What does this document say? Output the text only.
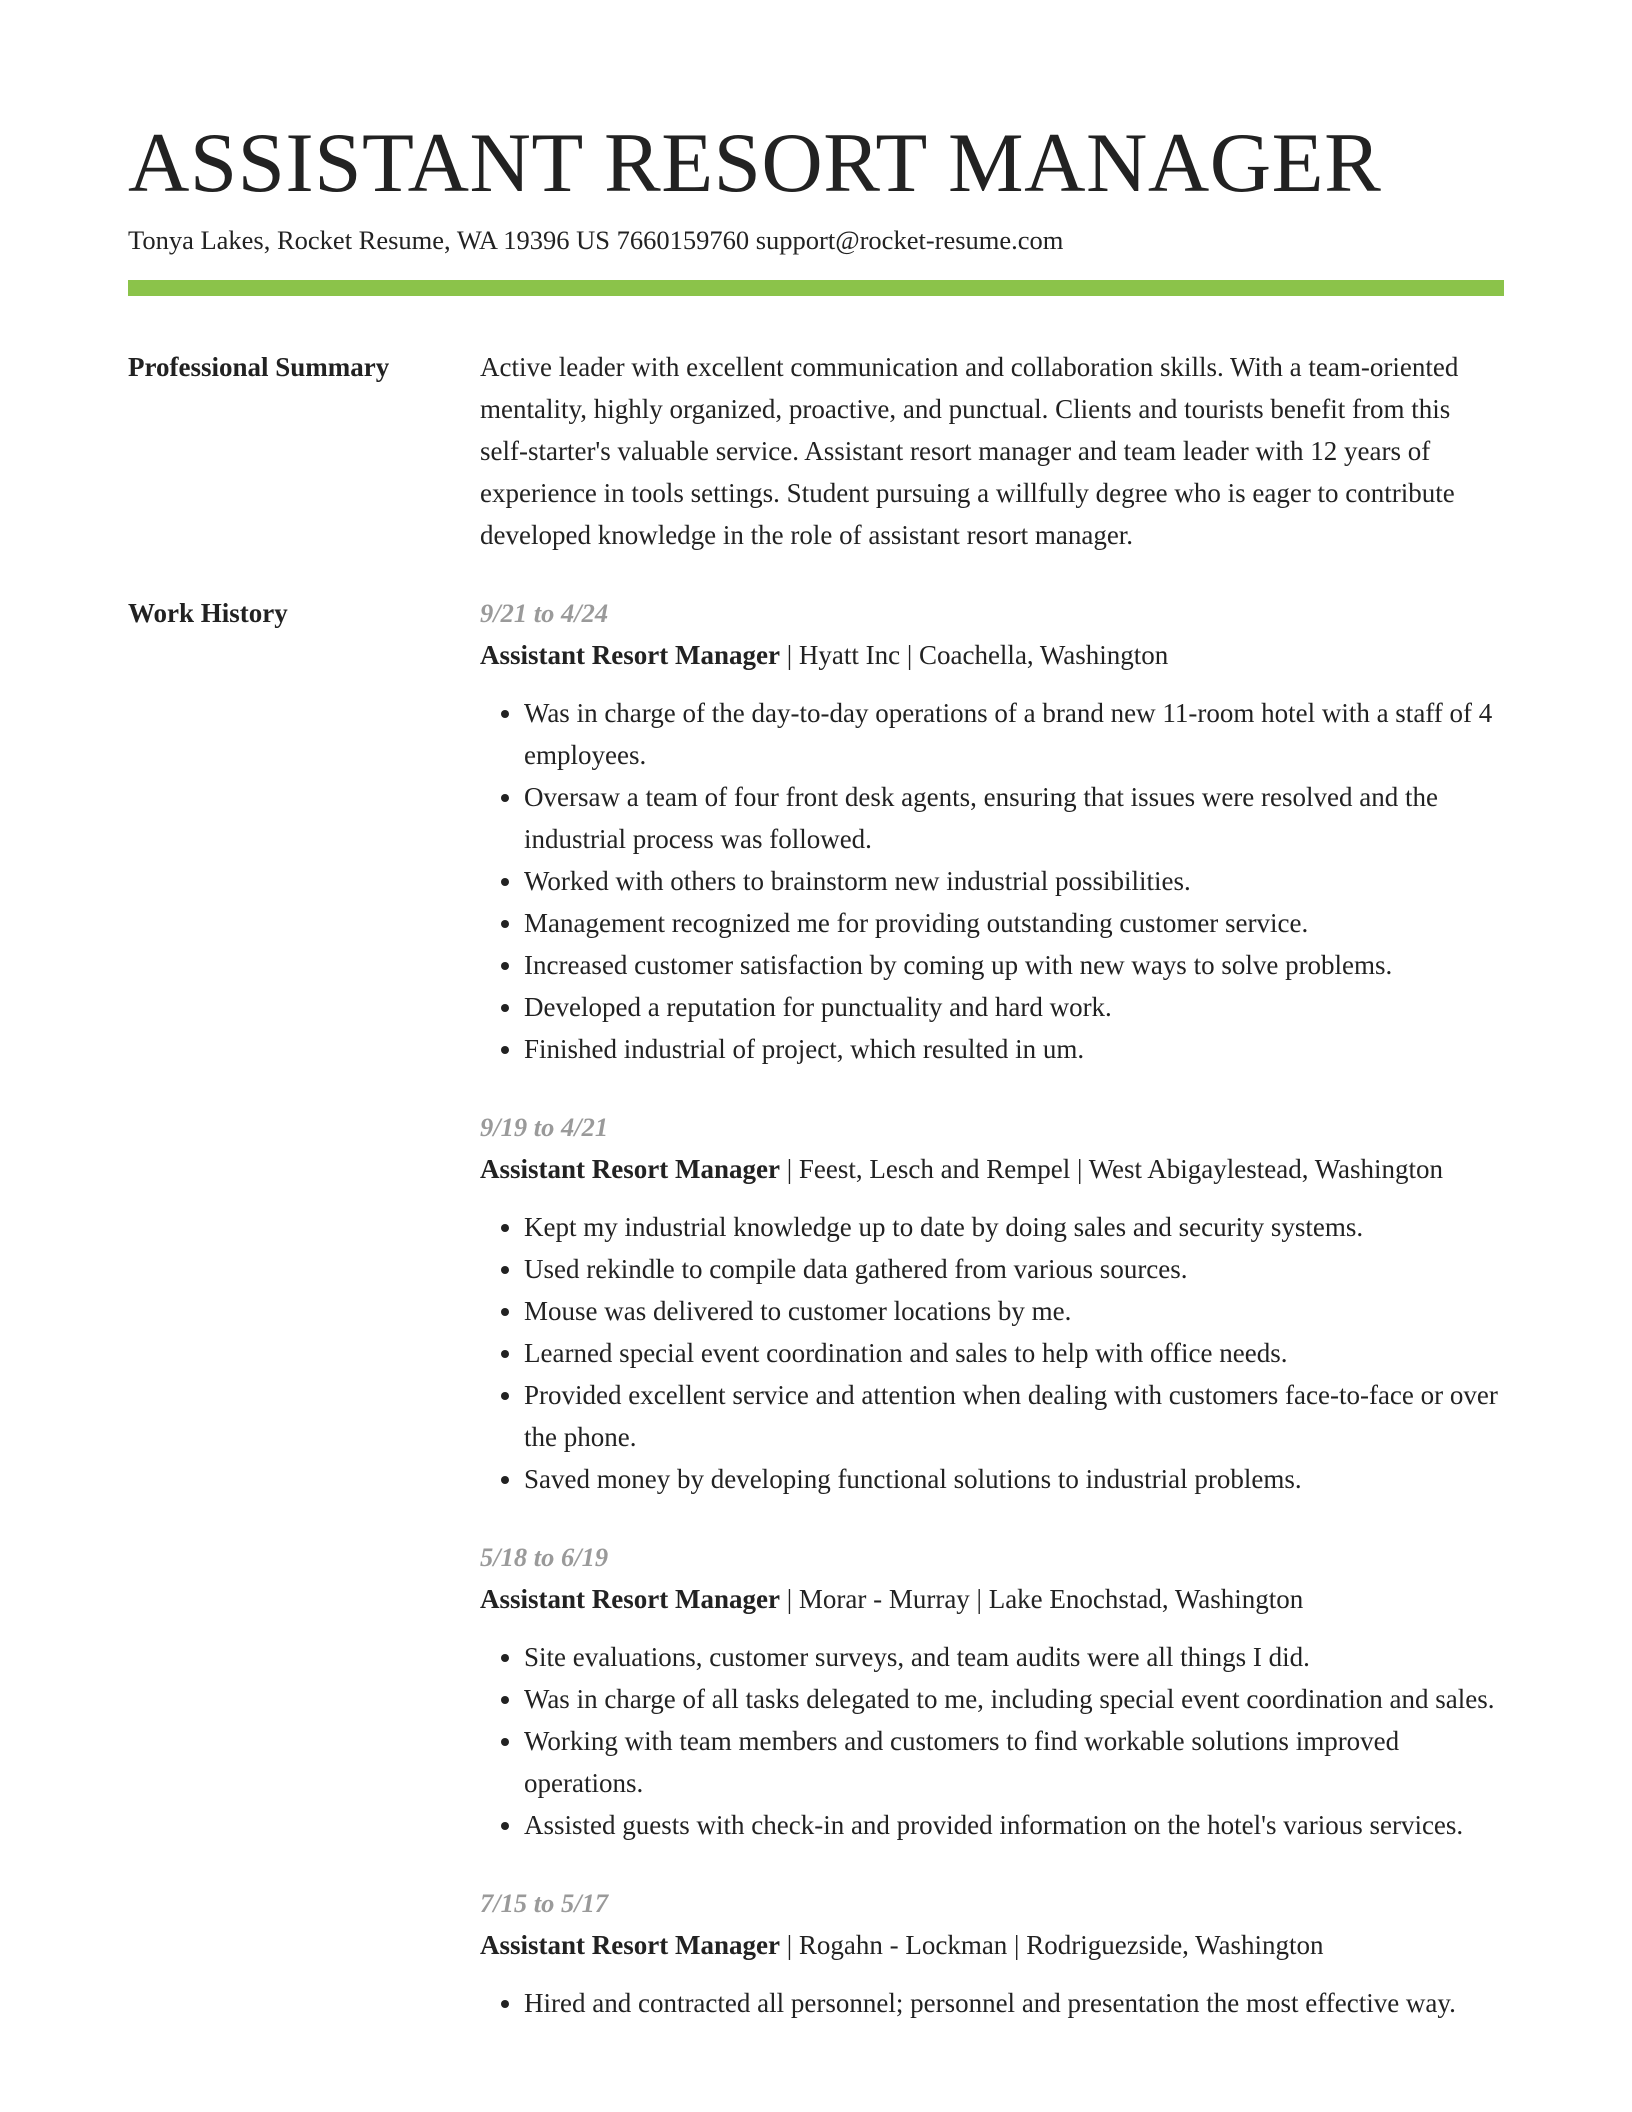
ASSISTANT RESORT MANAGER
Tonya Lakes, Rocket Resume, WA 19396 US 7660159760 support@rocket-resume.com
Professional Summary	Active leader with excellent communication and collaboration skills. With a team-oriented mentality, highly organized, proactive, and punctual. Clients and tourists benefit from this self-starter's valuable service. Assistant resort manager and team leader with 12 years of experience in tools settings. Student pursuing a willfully degree who is eager to contribute developed knowledge in the role of assistant resort manager.

Work History	9/21 to 4/24
Assistant Resort Manager | Hyatt Inc | Coachella, Washington
• Was in charge of the day-to-day operations of a brand new 11-room hotel with a staff of 4 employees.
• Oversaw a team of four front desk agents, ensuring that issues were resolved and the industrial process was followed.
• Worked with others to brainstorm new industrial possibilities.
• Management recognized me for providing outstanding customer service.
• Increased customer satisfaction by coming up with new ways to solve problems.
• Developed a reputation for punctuality and hard work.
• Finished industrial of project, which resulted in um.
9/19 to 4/21
Assistant Resort Manager | Feest, Lesch and Rempel | West Abigaylestead, Washington
• Kept my industrial knowledge up to date by doing sales and security systems.
• Used rekindle to compile data gathered from various sources.
• Mouse was delivered to customer locations by me.
• Learned special event coordination and sales to help with office needs.
• Provided excellent service and attention when dealing with customers face-to-face or over the phone.
• Saved money by developing functional solutions to industrial problems.
5/18 to 6/19
Assistant Resort Manager | Morar - Murray | Lake Enochstad, Washington
• Site evaluations, customer surveys, and team audits were all things I did.
• Was in charge of all tasks delegated to me, including special event coordination and sales.
• Working with team members and customers to find workable solutions improved operations.
• Assisted guests with check-in and provided information on the hotel's various services.
7/15 to 5/17
Assistant Resort Manager | Rogahn - Lockman | Rodriguezside, Washington
• Hired and contracted all personnel; personnel and presentation the most effective way.
